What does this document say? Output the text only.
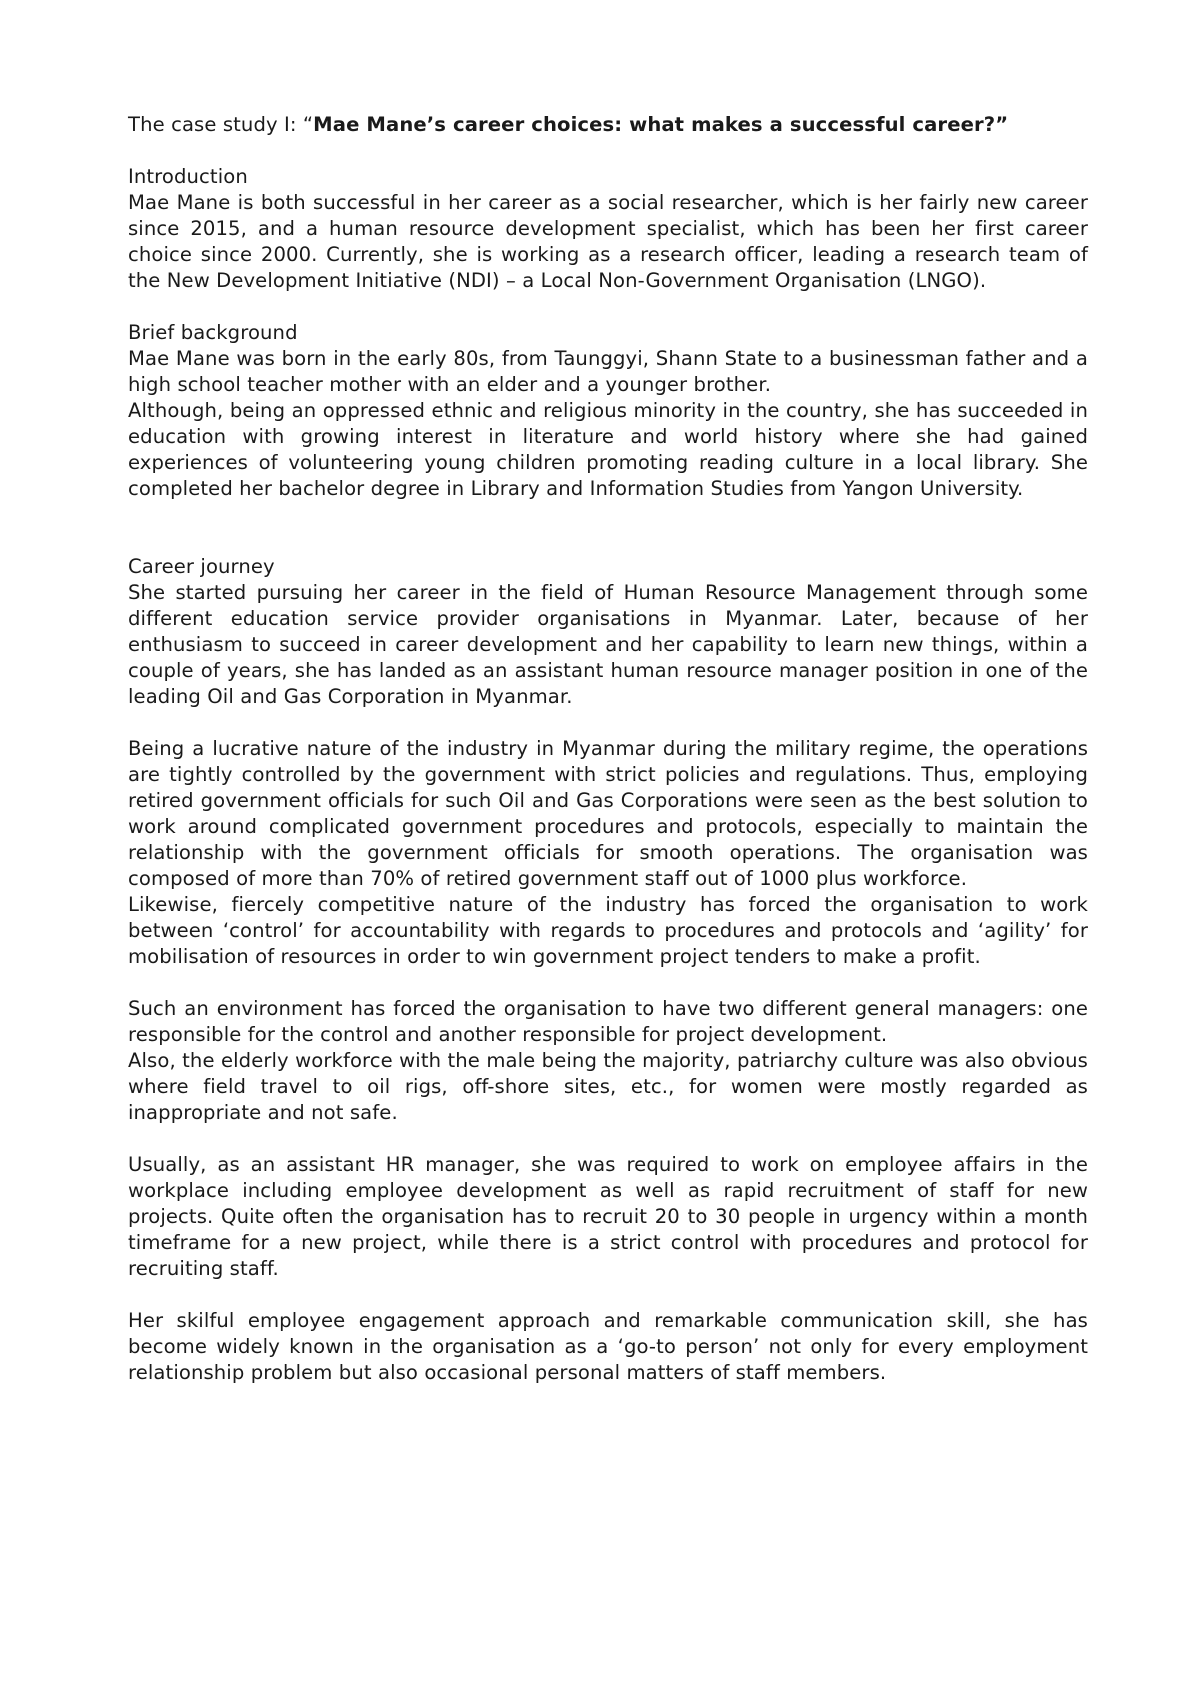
The case study I: “Mae Mane’s career choices: what makes a successful career?”

Introduction

Mae Mane is both successful in her career as a social researcher, which is her fairly new career since 2015, and a human resource development specialist, which has been her first career choice since 2000. Currently, she is working as a research officer, leading a research team of the New Development Initiative (NDI) – a Local Non-Government Organisation (LNGO).

Brief background

Mae Mane was born in the early 80s, from Taunggyi, Shann State to a businessman father and a high school teacher mother with an elder and a younger brother.

Although, being an oppressed ethnic and religious minority in the country, she has succeeded in education with growing interest in literature and world history where she had gained experiences of volunteering young children promoting reading culture in a local library. She completed her bachelor degree in Library and Information Studies from Yangon University.

Career journey

She started pursuing her career in the field of Human Resource Management through some different education service provider organisations in Myanmar. Later, because of her enthusiasm to succeed in career development and her capability to learn new things, within a couple of years, she has landed as an assistant human resource manager position in one of the leading Oil and Gas Corporation in Myanmar.

Being a lucrative nature of the industry in Myanmar during the military regime, the operations are tightly controlled by the government with strict policies and regulations. Thus, employing retired government officials for such Oil and Gas Corporations were seen as the best solution to work around complicated government procedures and protocols, especially to maintain the relationship with the government officials for smooth operations. The organisation was composed of more than 70% of retired government staff out of 1000 plus workforce.

Likewise, fiercely competitive nature of the industry has forced the organisation to work between ‘control’ for accountability with regards to procedures and protocols and ‘agility’ for mobilisation of resources in order to win government project tenders to make a profit.

Such an environment has forced the organisation to have two different general managers: one responsible for the control and another responsible for project development.

Also, the elderly workforce with the male being the majority, patriarchy culture was also obvious where field travel to oil rigs, off-shore sites, etc., for women were mostly regarded as inappropriate and not safe.

Usually, as an assistant HR manager, she was required to work on employee affairs in the workplace including employee development as well as rapid recruitment of staff for new projects. Quite often the organisation has to recruit 20 to 30 people in urgency within a month timeframe for a new project, while there is a strict control with procedures and protocol for recruiting staff.

Her skilful employee engagement approach and remarkable communication skill, she has become widely known in the organisation as a ‘go-to person’ not only for every employment relationship problem but also occasional personal matters of staff members.
